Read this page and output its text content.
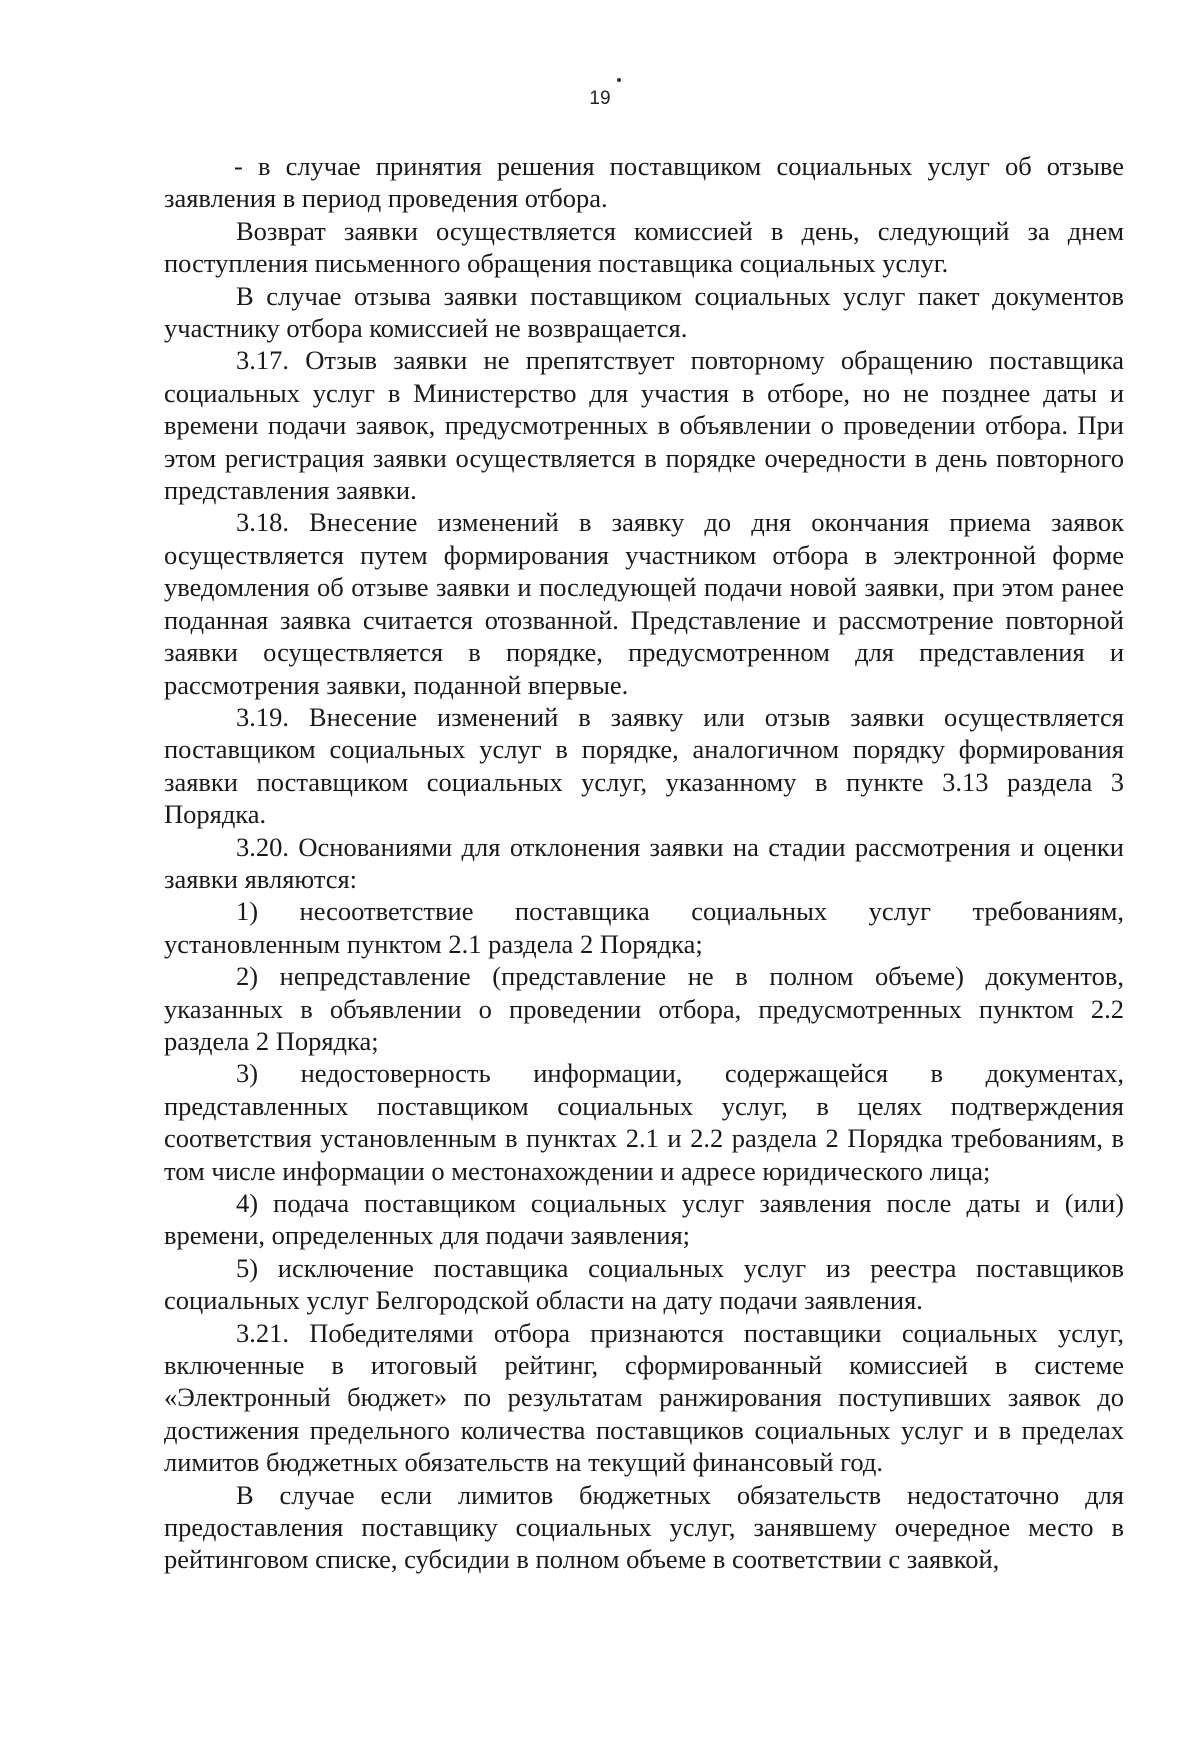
19

- в случае принятия решения поставщиком социальных услуг об отзыве заявления в период проведения отбора.

Возврат заявки осуществляется комиссией в день, следующий за днем поступления письменного обращения поставщика социальных услуг.

В случае отзыва заявки поставщиком социальных услуг пакет документов участнику отбора комиссией не возвращается.

3.17. Отзыв заявки не препятствует повторному обращению поставщика социальных услуг в Министерство для участия в отборе, но не позднее даты и времени подачи заявок, предусмотренных в объявлении о проведении отбора. При этом регистрация заявки осуществляется в порядке очередности в день повторного представления заявки.

3.18. Внесение изменений в заявку до дня окончания приема заявок осуществляется путем формирования участником отбора в электронной форме уведомления об отзыве заявки и последующей подачи новой заявки, при этом ранее поданная заявка считается отозванной. Представление и рассмотрение повторной заявки осуществляется в порядке, предусмотренном для представления и рассмотрения заявки, поданной впервые.

3.19. Внесение изменений в заявку или отзыв заявки осуществляется поставщиком социальных услуг в порядке, аналогичном порядку формирования заявки поставщиком социальных услуг, указанному в пункте 3.13 раздела 3 Порядка.

3.20. Основаниями для отклонения заявки на стадии рассмотрения и оценки заявки являются:

1) несоответствие поставщика социальных услуг требованиям, установленным пунктом 2.1 раздела 2 Порядка;

2) непредставление (представление не в полном объеме) документов, указанных в объявлении о проведении отбора, предусмотренных пунктом 2.2 раздела 2 Порядка;

3) недостоверность информации, содержащейся в документах, представленных поставщиком социальных услуг, в целях подтверждения соответствия установленным в пунктах 2.1 и 2.2 раздела 2 Порядка требованиям, в том числе информации о местонахождении и адресе юридического лица;

4) подача поставщиком социальных услуг заявления после даты и (или) времени, определенных для подачи заявления;

5) исключение поставщика социальных услуг из реестра поставщиков социальных услуг Белгородской области на дату подачи заявления.

3.21. Победителями отбора признаются поставщики социальных услуг, включенные в итоговый рейтинг, сформированный комиссией в системе «Электронный бюджет» по результатам ранжирования поступивших заявок до достижения предельного количества поставщиков социальных услуг и в пределах лимитов бюджетных обязательств на текущий финансовый год.

В случае если лимитов бюджетных обязательств недостаточно для предоставления поставщику социальных услуг, занявшему очередное место в рейтинговом списке, субсидии в полном объеме в соответствии с заявкой,
